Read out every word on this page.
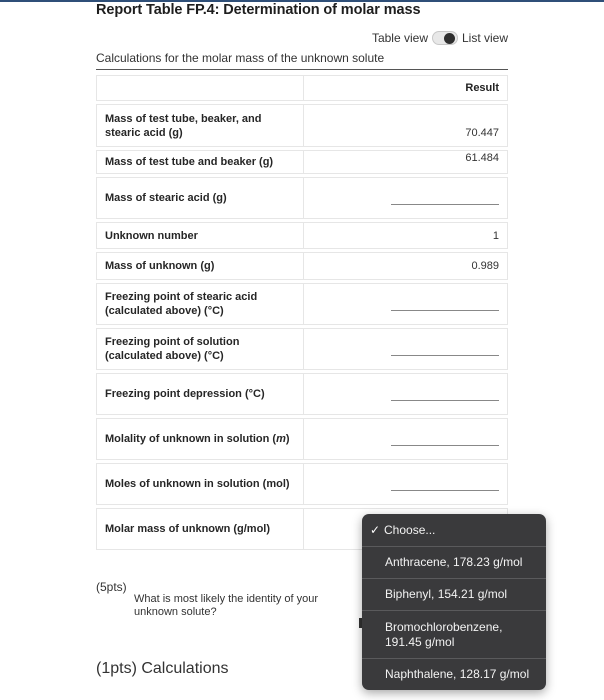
Report Table FP.4: Determination of molar mass
Table view	List view
Calculations for the molar mass of the unknown solute
	Result
Mass of test tube, beaker, and stearic acid (g)	70.447
Mass of test tube and beaker (g)	61.484
Mass of stearic acid (g)	

Unknown number	1
Mass of unknown (g)	0.989
Freezing point of stearic acid (calculated above) (°C)	

Freezing point of solution (calculated above) (°C)	

Freezing point depression (°C)	

Molality of unknown in solution (m)	

Moles of unknown in solution (mol)	

Molar mass of unknown (g/mol)	
(5pts)
What is most likely the identity of your unknown solute?
(1pts) Calculations
✓ Choose...
Anthracene, 178.23 g/mol
Biphenyl, 154.21 g/mol
Bromochlorobenzene, 191.45 g/mol
Naphthalene, 128.17 g/mol
